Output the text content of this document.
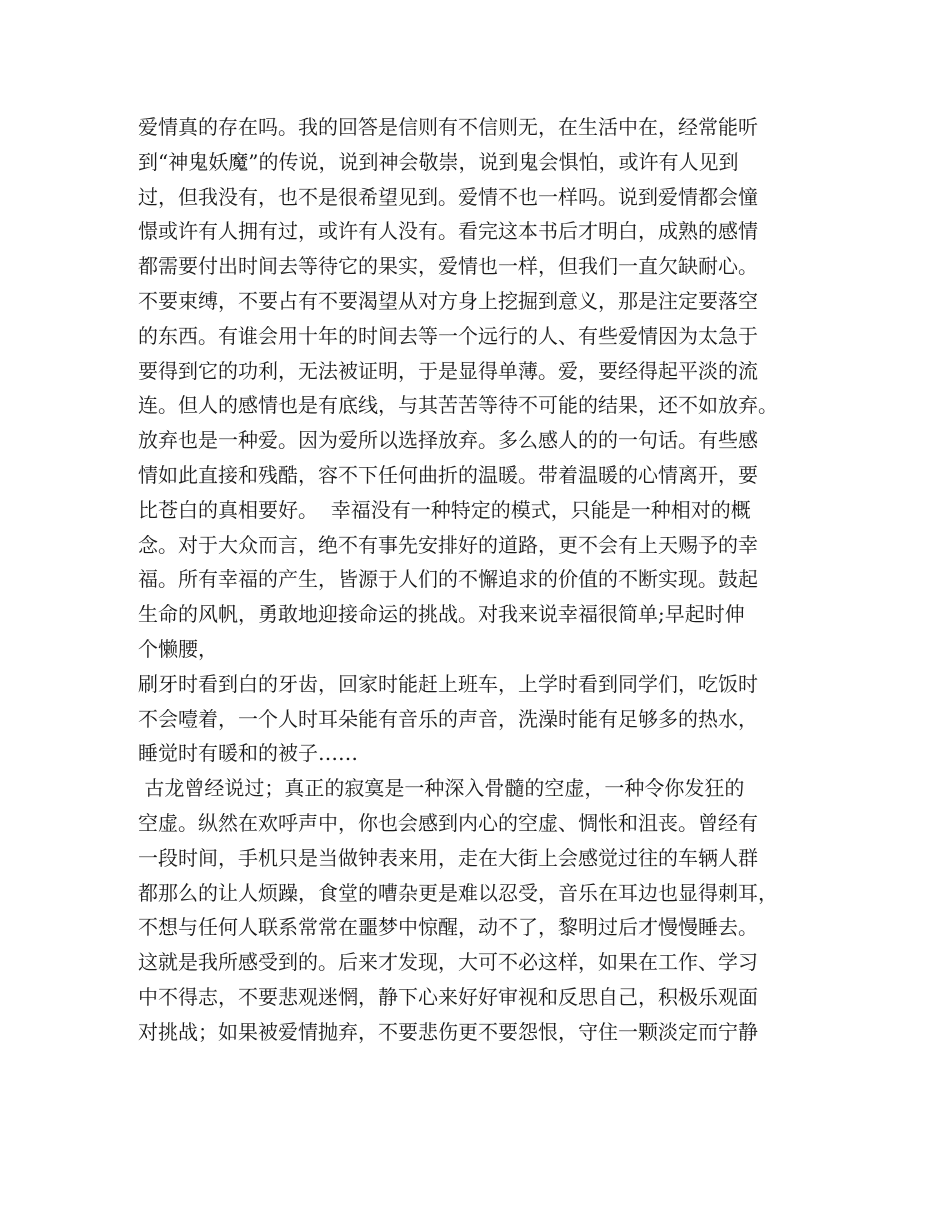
爱情真的存在吗。我的回答是信则有不信则无，在生活中在，经常能听
到“神鬼妖魔”的传说，说到神会敬崇，说到鬼会惧怕，或许有人见到
过，但我没有，也不是很希望见到。爱情不也一样吗。说到爱情都会憧
憬或许有人拥有过，或许有人没有。看完这本书后才明白，成熟的感情
都需要付出时间去等待它的果实，爱情也一样，但我们一直欠缺耐心。
不要束缚，不要占有不要渴望从对方身上挖掘到意义，那是注定要落空
的东西。有谁会用十年的时间去等一个远行的人、有些爱情因为太急于
要得到它的功利，无法被证明，于是显得单薄。爱，要经得起平淡的流
连。但人的感情也是有底线，与其苦苦等待不可能的结果，还不如放弃。
放弃也是一种爱。因为爱所以选择放弃。多么感人的的一句话。有些感
情如此直接和残酷，容不下任何曲折的温暖。带着温暖的心情离开，要
比苍白的真相要好。  幸福没有一种特定的模式，只能是一种相对的概
念。对于大众而言，绝不有事先安排好的道路，更不会有上天赐予的幸
福。所有幸福的产生，皆源于人们的不懈追求的价值的不断实现。鼓起
生命的风帆，勇敢地迎接命运的挑战。对我来说幸福很简单;早起时伸
个懒腰，
刷牙时看到白的牙齿，回家时能赶上班车，上学时看到同学们，吃饭时
不会噎着，一个人时耳朵能有音乐的声音，洗澡时能有足够多的热水，
睡觉时有暖和的被子……
古龙曾经说过；真正的寂寞是一种深入骨髓的空虚，一种令你发狂的
空虚。纵然在欢呼声中，你也会感到内心的空虚、惆怅和沮丧。曾经有
一段时间，手机只是当做钟表来用，走在大街上会感觉过往的车辆人群
都那么的让人烦躁，食堂的嘈杂更是难以忍受，音乐在耳边也显得刺耳，
不想与任何人联系常常在噩梦中惊醒，动不了，黎明过后才慢慢睡去。
这就是我所感受到的。后来才发现，大可不必这样，如果在工作、学习
中不得志，不要悲观迷惘，静下心来好好审视和反思自己，积极乐观面
对挑战；如果被爱情抛弃，不要悲伤更不要怨恨，守住一颗淡定而宁静
